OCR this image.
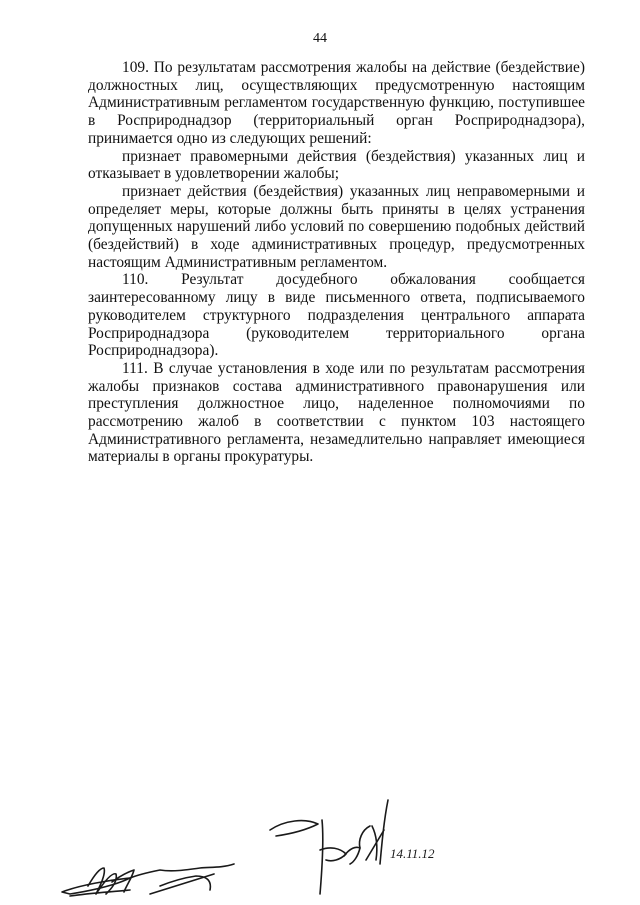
44

109. По результатам рассмотрения жалобы на действие (бездействие) должностных лиц, осуществляющих предусмотренную настоящим Административным регламентом государственную функцию, поступившее в Росприроднадзор (территориальный орган Росприроднадзора), принимается одно из следующих решений:

признает правомерными действия (бездействия) указанных лиц и отказывает в удовлетворении жалобы;

признает действия (бездействия) указанных лиц неправомерными и определяет меры, которые должны быть приняты в целях устранения допущенных нарушений либо условий по совершению подобных действий (бездействий) в ходе административных процедур, предусмотренных настоящим Административным регламентом.

110. Результат досудебного обжалования сообщается заинтересованному лицу в виде письменного ответа, подписываемого руководителем структурного подразделения центрального аппарата Росприроднадзора (руководителем территориального органа Росприроднадзора).

111. В случае установления в ходе или по результатам рассмотрения жалобы признаков состава административного правонарушения или преступления должностное лицо, наделенное полномочиями по рассмотрению жалоб в соответствии с пунктом 103 настоящего Административного регламента, незамедлительно направляет имеющиеся материалы в органы прокуратуры.

14.11.12
